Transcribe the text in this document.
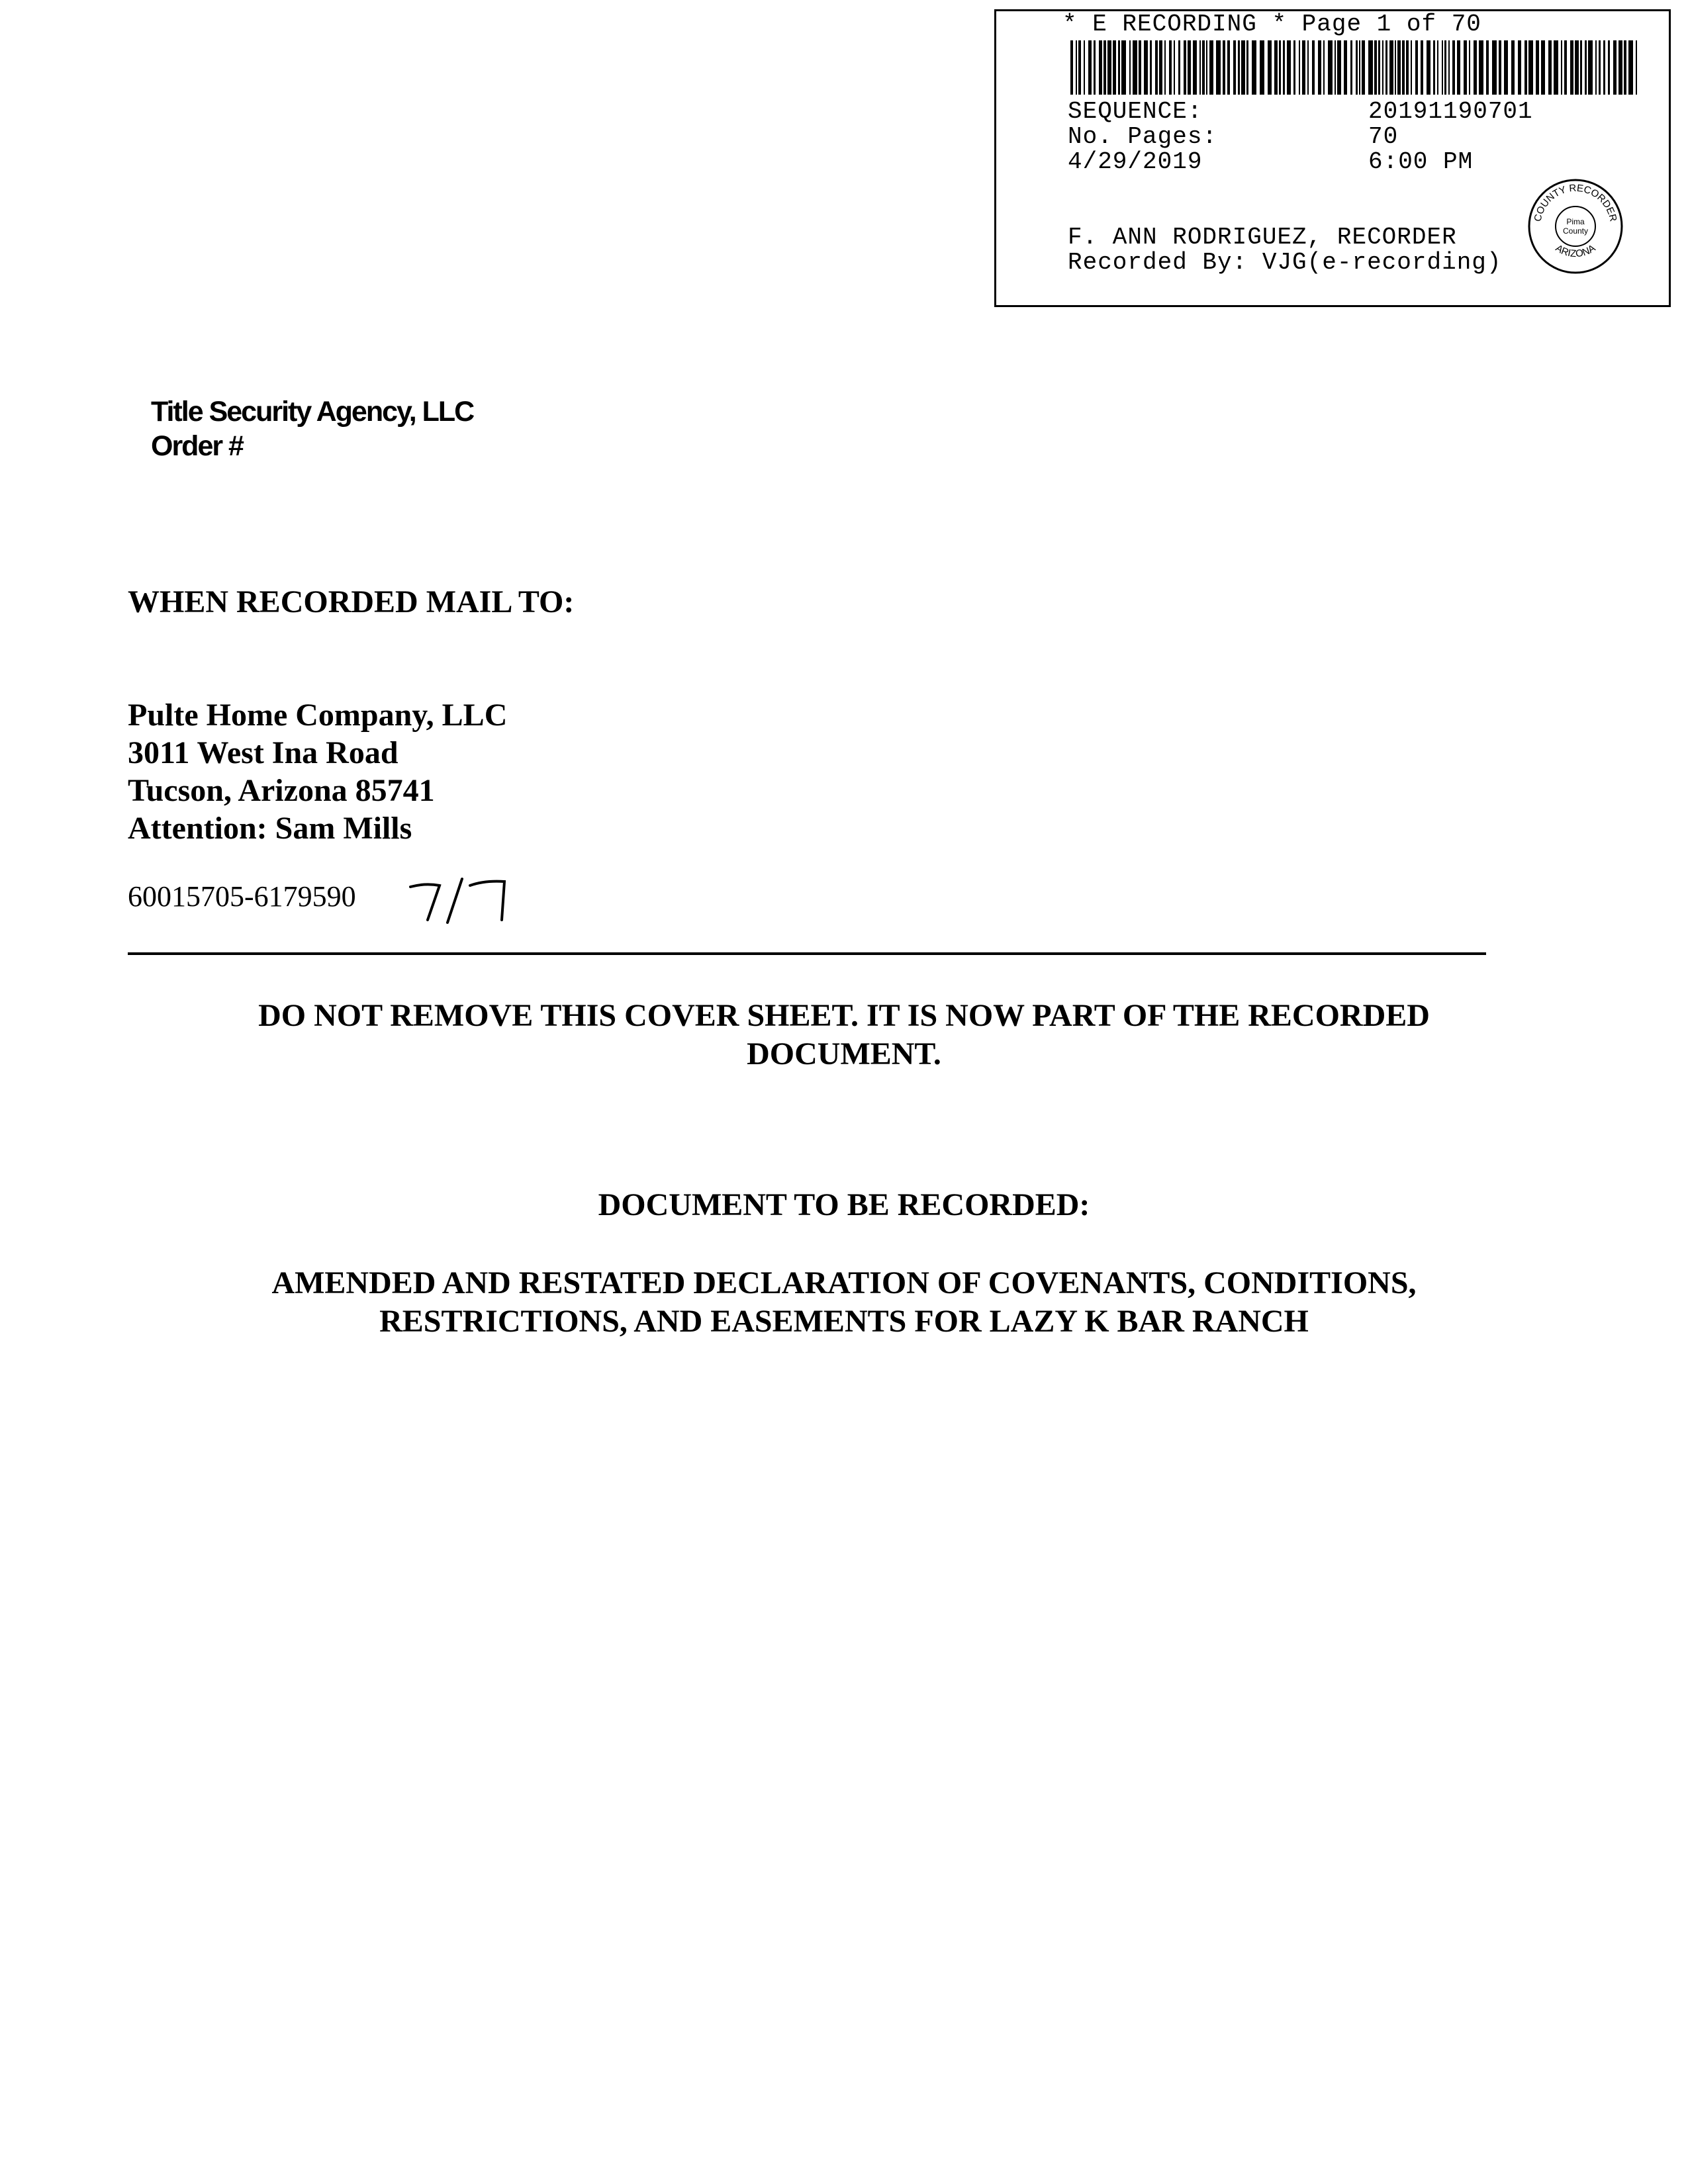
* E RECORDING * Page 1 of 70
SEQUENCE:	20191190701
No. Pages:	70
4/29/2019	6:00 PM
F. ANN RODRIGUEZ, RECORDER
Recorded By: VJG(e-recording)
COUNTY RECORDER
ARIZONA
Pima
County
Title Security Agency, LLC
Order #
WHEN RECORDED MAIL TO:
Pulte Home Company, LLC
3011 West Ina Road
Tucson, Arizona 85741
Attention: Sam Mills
60015705-6179590
DO NOT REMOVE THIS COVER SHEET. IT IS NOW PART OF THE RECORDED
DOCUMENT.
DOCUMENT TO BE RECORDED:
AMENDED AND RESTATED DECLARATION OF COVENANTS, CONDITIONS,
RESTRICTIONS, AND EASEMENTS FOR LAZY K BAR RANCH
